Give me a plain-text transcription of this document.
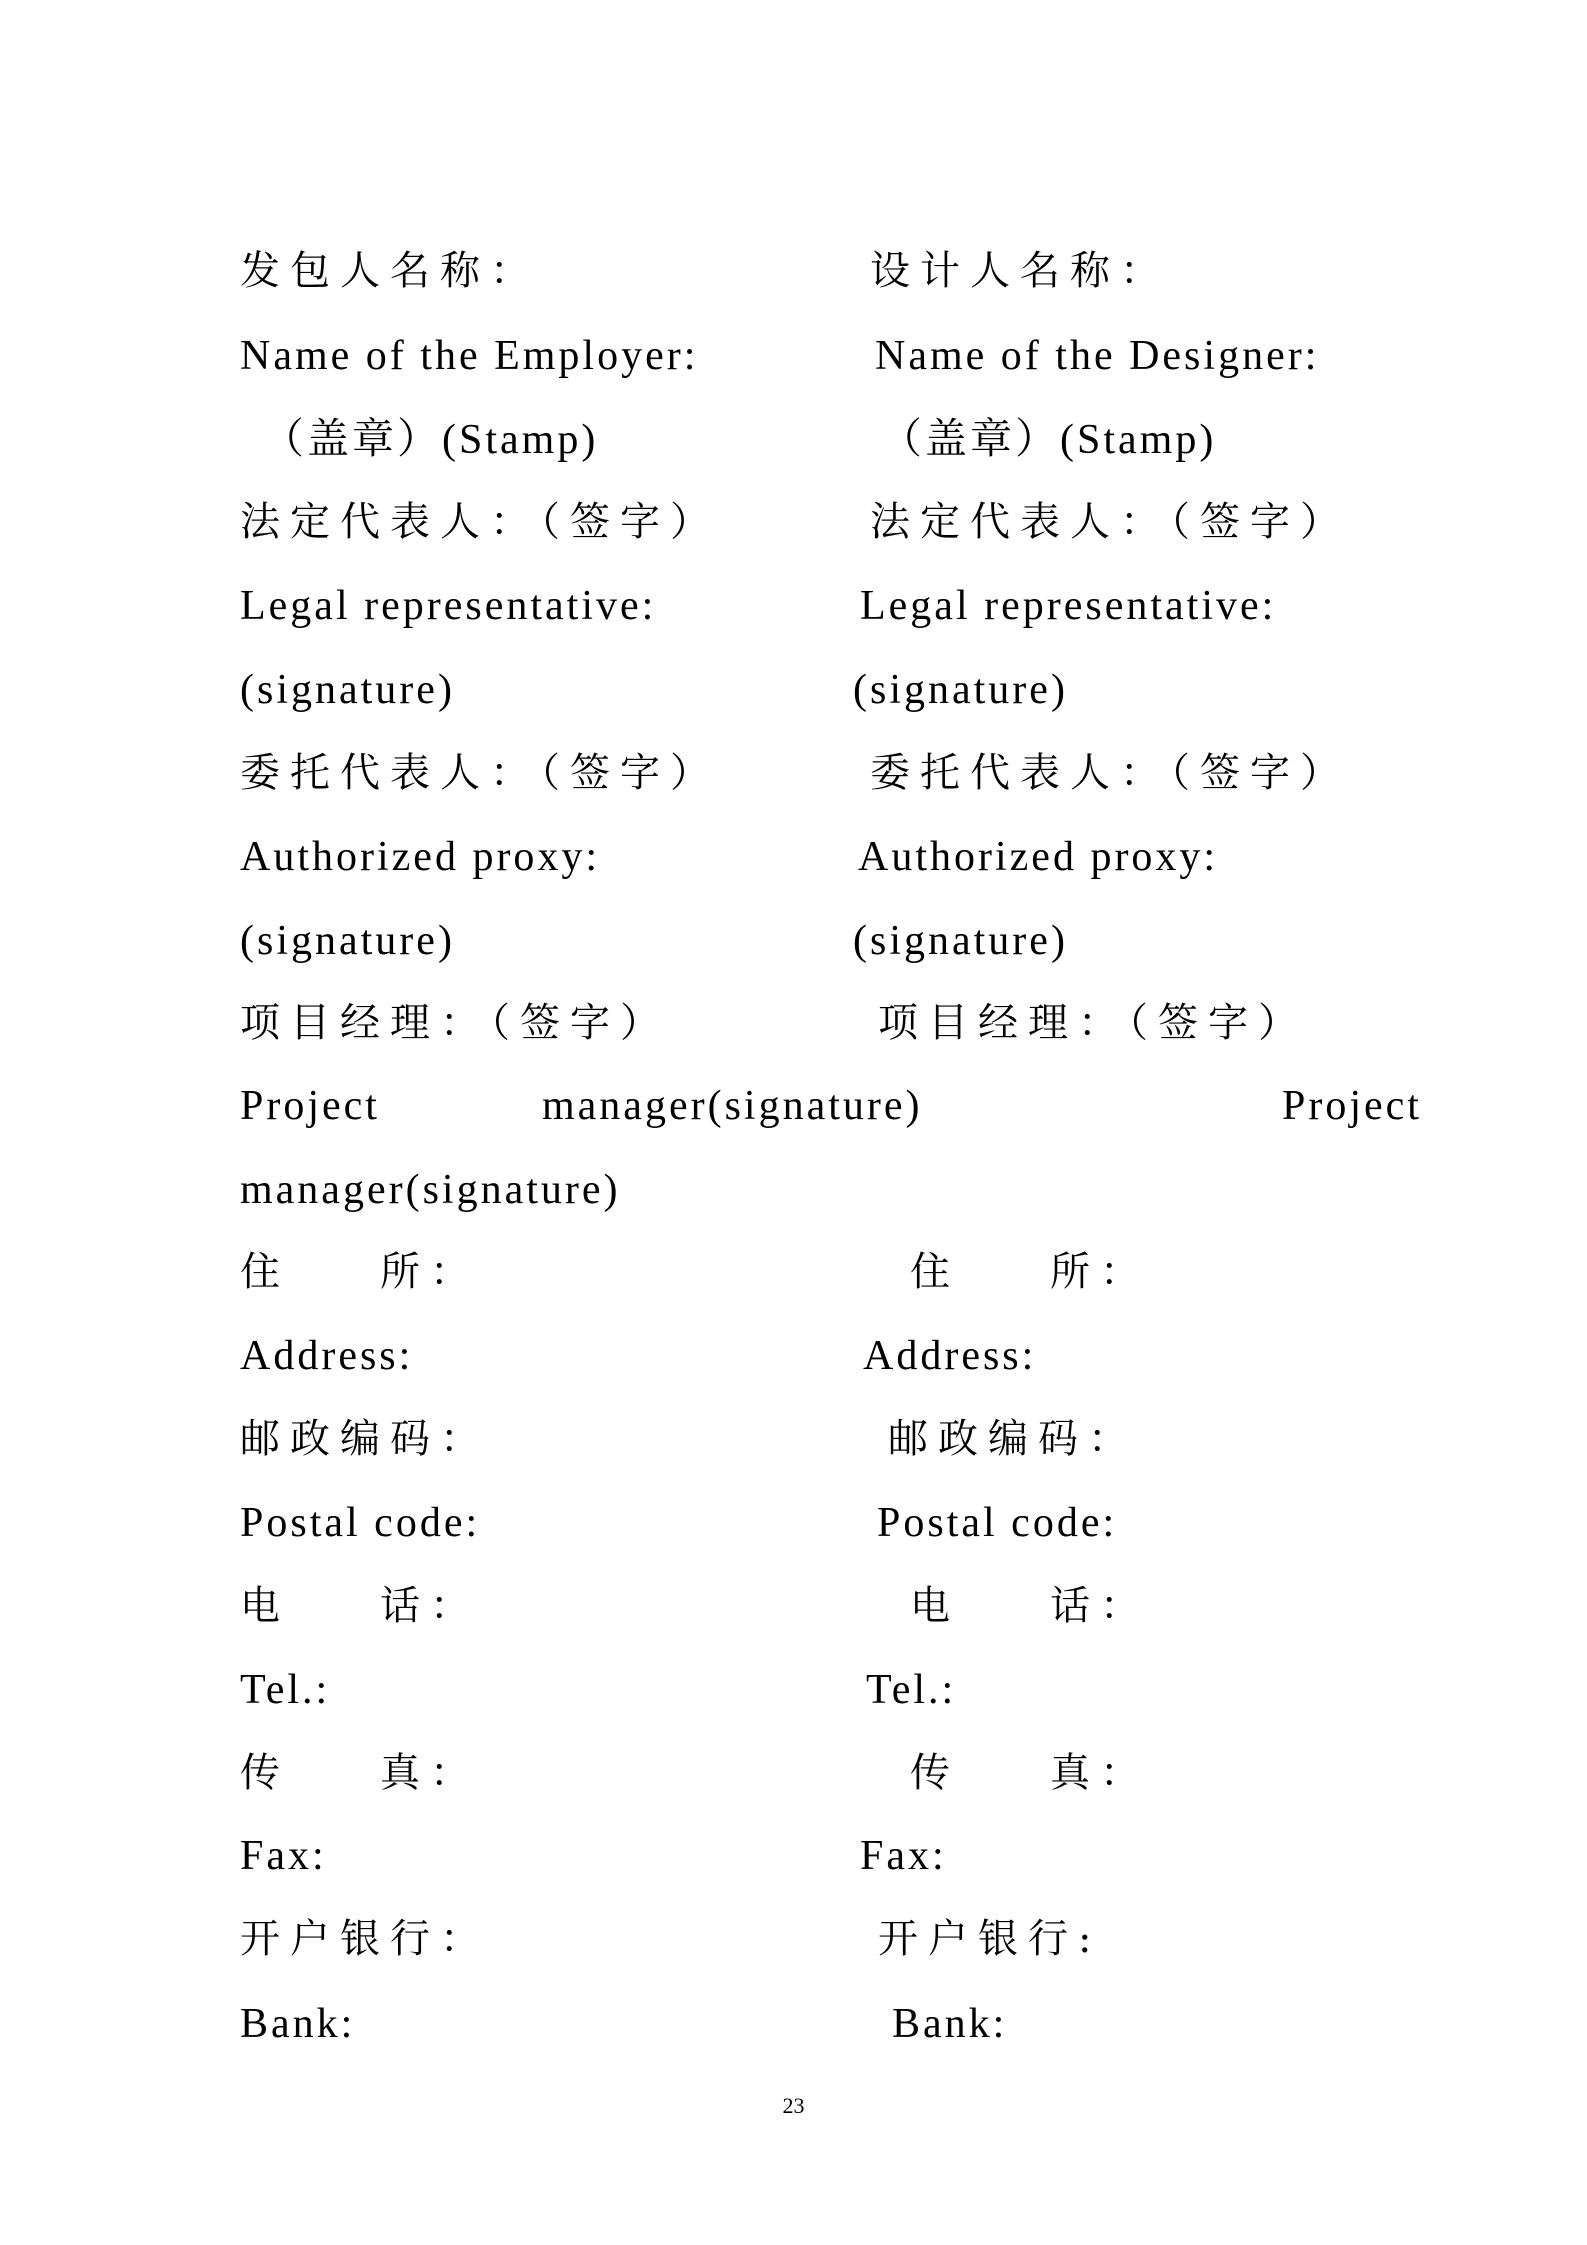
发包人名称：
Name of the Employer:
（盖章）(Stamp)
法定代表人：（签字）
Legal representative:
(signature)
委托代表人：（签字）
Authorized proxy:
(signature)
项目经理：（签字）
Project	manager(signature)	Project
manager(signature)
住 所：
Address:
邮政编码：
Postal code:
电 话：
Tel.:
传 真：
Fax:
开户银行：
Bank:
设计人名称：
Name of the Designer:
（盖章）(Stamp)
法定代表人：（签字）
Legal representative:
(signature)
委托代表人：（签字）
Authorized proxy:
(signature)
项目经理：（签字）
住 所：
Address:
邮政编码：
Postal code:
电 话：
Tel.:
传 真：
Fax:
开户银行:
Bank:
23
